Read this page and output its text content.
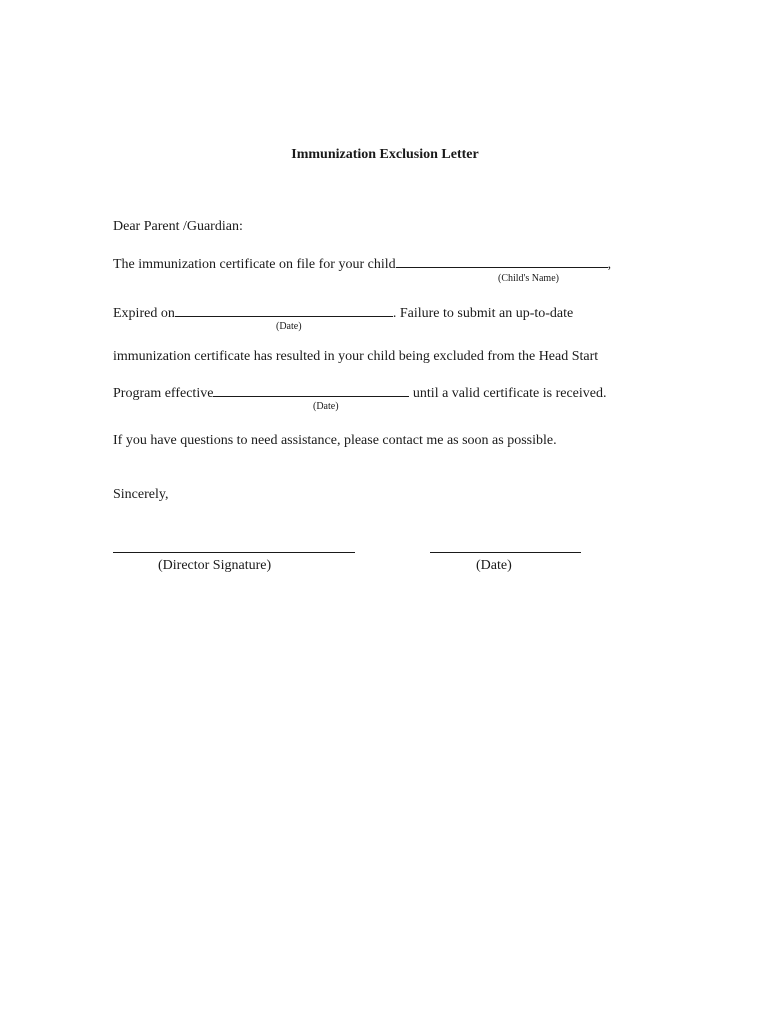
Immunization Exclusion Letter
Dear Parent /Guardian:
The immunization certificate on file for your child	,
(Child's Name)
Expired on	. Failure to submit an up-to-date
(Date)
immunization certificate has resulted in your child being excluded from the Head Start
Program effective	until a valid certificate is received.
(Date)
If you have questions to need assistance, please contact me as soon as possible.
Sincerely,
(Director Signature)	(Date)
